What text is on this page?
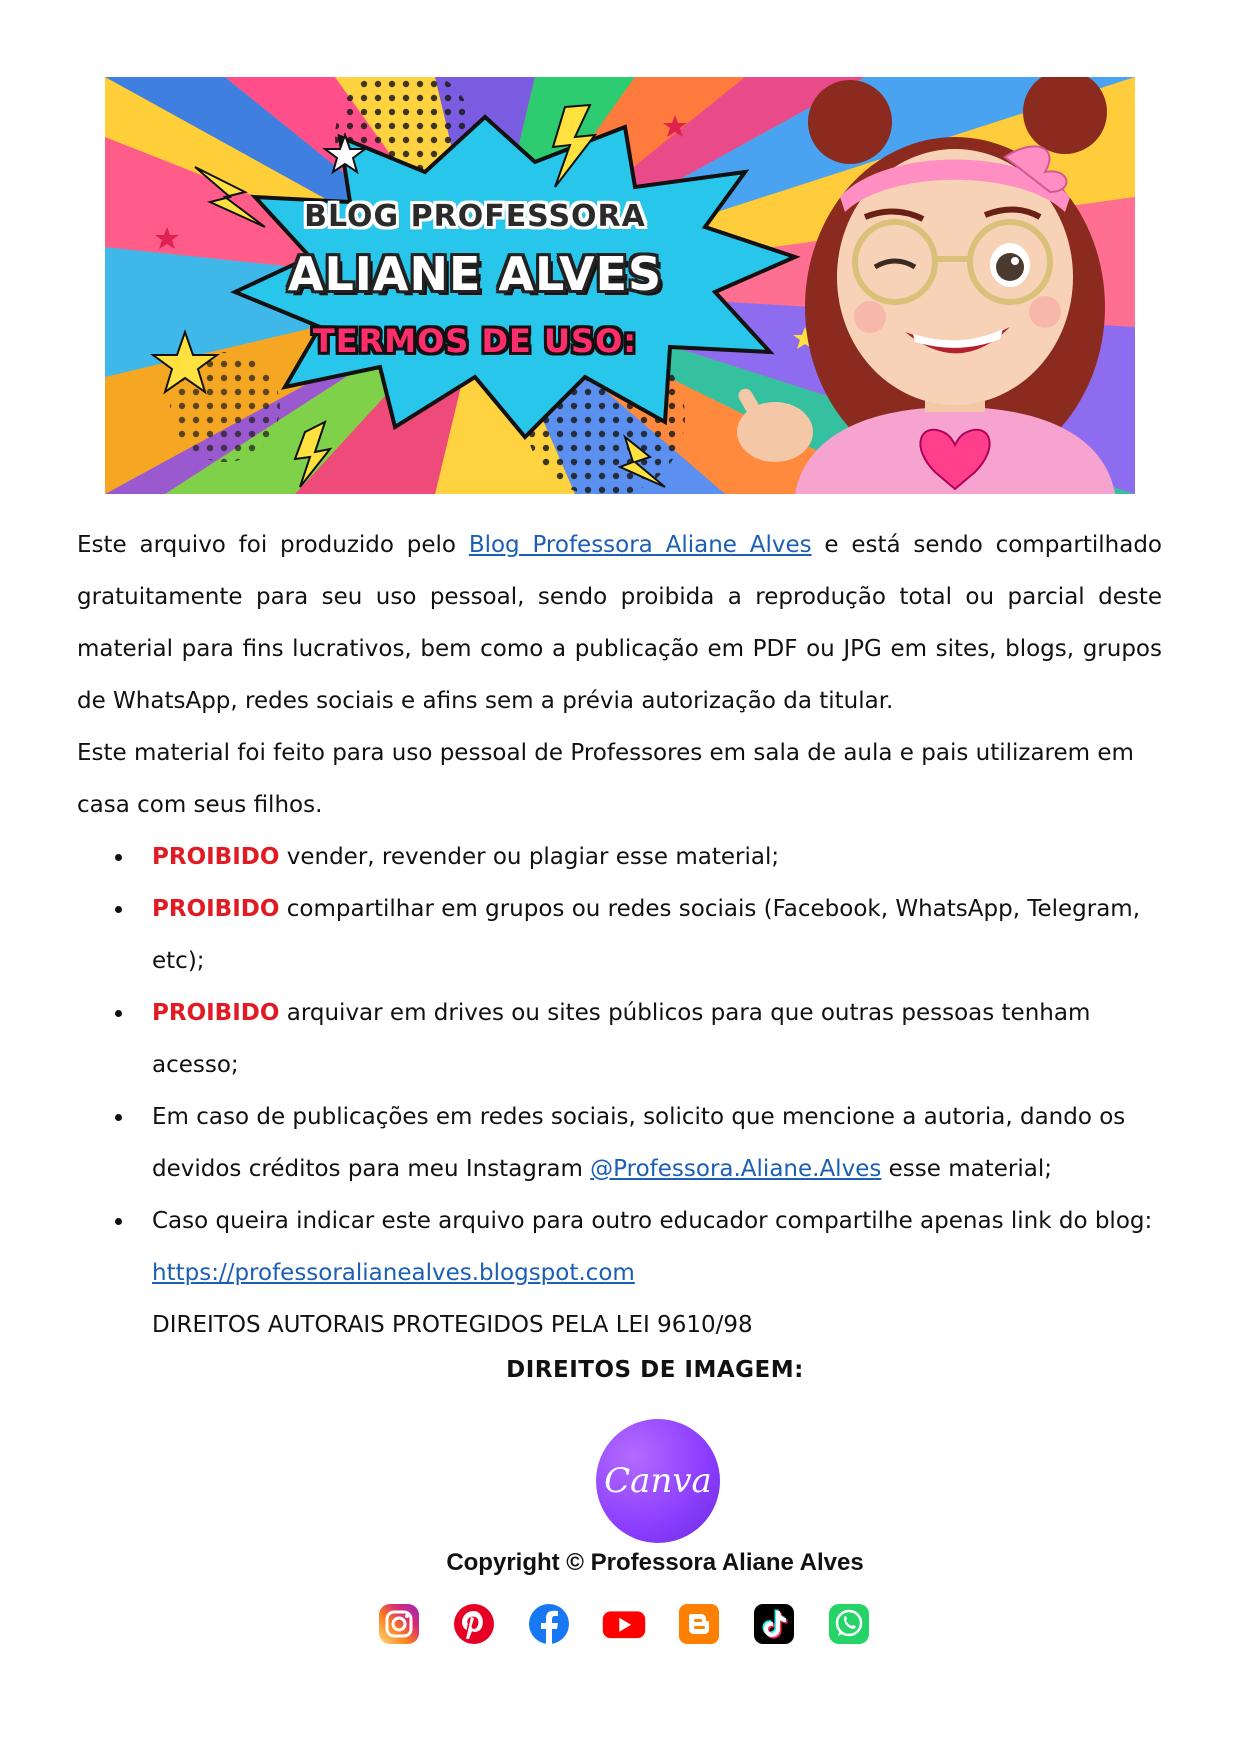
BLOG PROFESSORA
ALIANE ALVES
TERMOS DE USO:

Este arquivo foi produzido pelo Blog Professora Aliane Alves e está sendo compartilhado gratuitamente para seu uso pessoal, sendo proibida a reprodução total ou parcial deste material para fins lucrativos, bem como a publicação em PDF ou JPG em sites, blogs, grupos de WhatsApp, redes sociais e afins sem a prévia autorização da titular.

Este material foi feito para uso pessoal de Professores em sala de aula e pais utilizarem em casa com seus filhos.

PROIBIDO vender, revender ou plagiar esse material;
PROIBIDO compartilhar em grupos ou redes sociais (Facebook, WhatsApp, Telegram, etc);
PROIBIDO arquivar em drives ou sites públicos para que outras pessoas tenham acesso;
Em caso de publicações em redes sociais, solicito que mencione a autoria, dando os devidos créditos para meu Instagram @Professora.Aliane.Alves esse material;
Caso queira indicar este arquivo para outro educador compartilhe apenas link do blog: https://professoralianealves.blogspot.com

DIREITOS AUTORAIS PROTEGIDOS PELA LEI 9610/98

DIREITOS DE IMAGEM:
Canva
Copyright © Professora Aliane Alves
